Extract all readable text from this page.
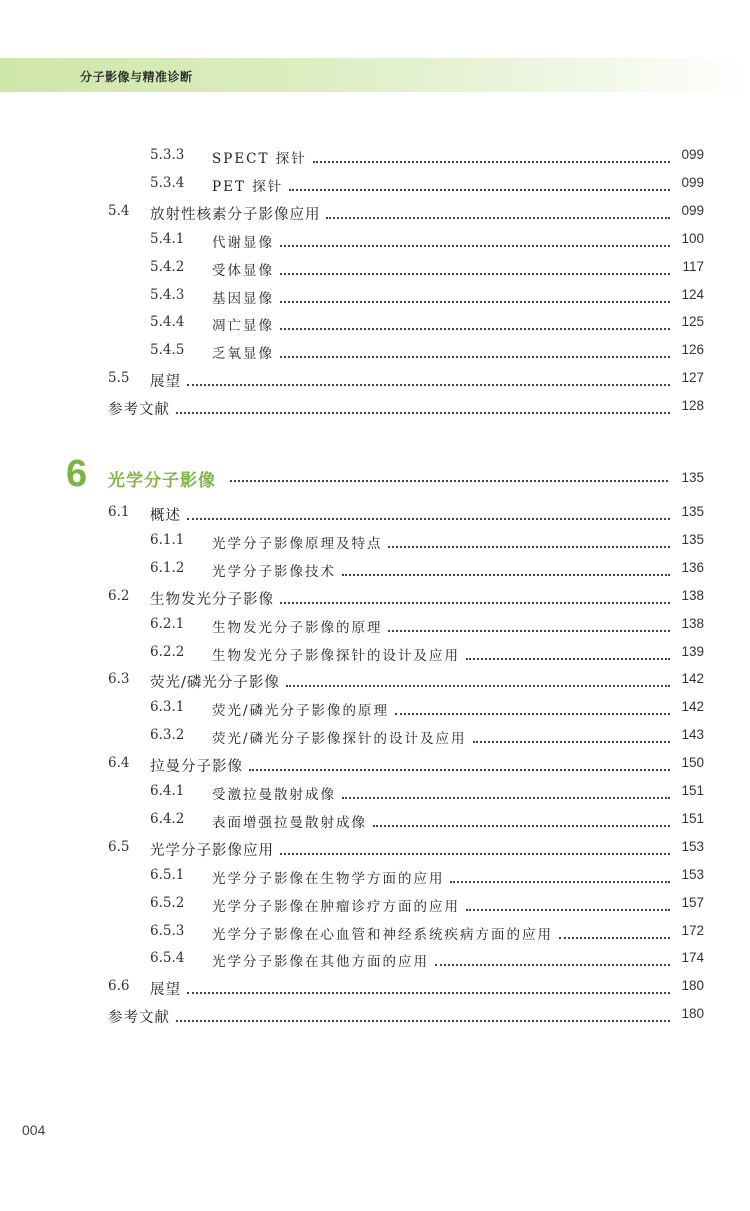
分子影像与精准诊断
5.3.3 SPECT 探针	099
5.3.4 PET 探针	099
5.4 放射性核素分子影像应用	099
5.4.1 代谢显像	100
5.4.2 受体显像	117
5.4.3 基因显像	124
5.4.4 凋亡显像	125
5.4.5 乏氧显像	126
5.5 展望	127
参考文献	128
6 光学分子影像	135
6.1 概述	135
6.1.1 光学分子影像原理及特点	135
6.1.2 光学分子影像技术	136
6.2 生物发光分子影像	138
6.2.1 生物发光分子影像的原理	138
6.2.2 生物发光分子影像探针的设计及应用	139
6.3 荧光/磷光分子影像	142
6.3.1 荧光/磷光分子影像的原理	142
6.3.2 荧光/磷光分子影像探针的设计及应用	143
6.4 拉曼分子影像	150
6.4.1 受激拉曼散射成像	151
6.4.2 表面增强拉曼散射成像	151
6.5 光学分子影像应用	153
6.5.1 光学分子影像在生物学方面的应用	153
6.5.2 光学分子影像在肿瘤诊疗方面的应用	157
6.5.3 光学分子影像在心血管和神经系统疾病方面的应用	172
6.5.4 光学分子影像在其他方面的应用	174
6.6 展望	180
参考文献	180
004
